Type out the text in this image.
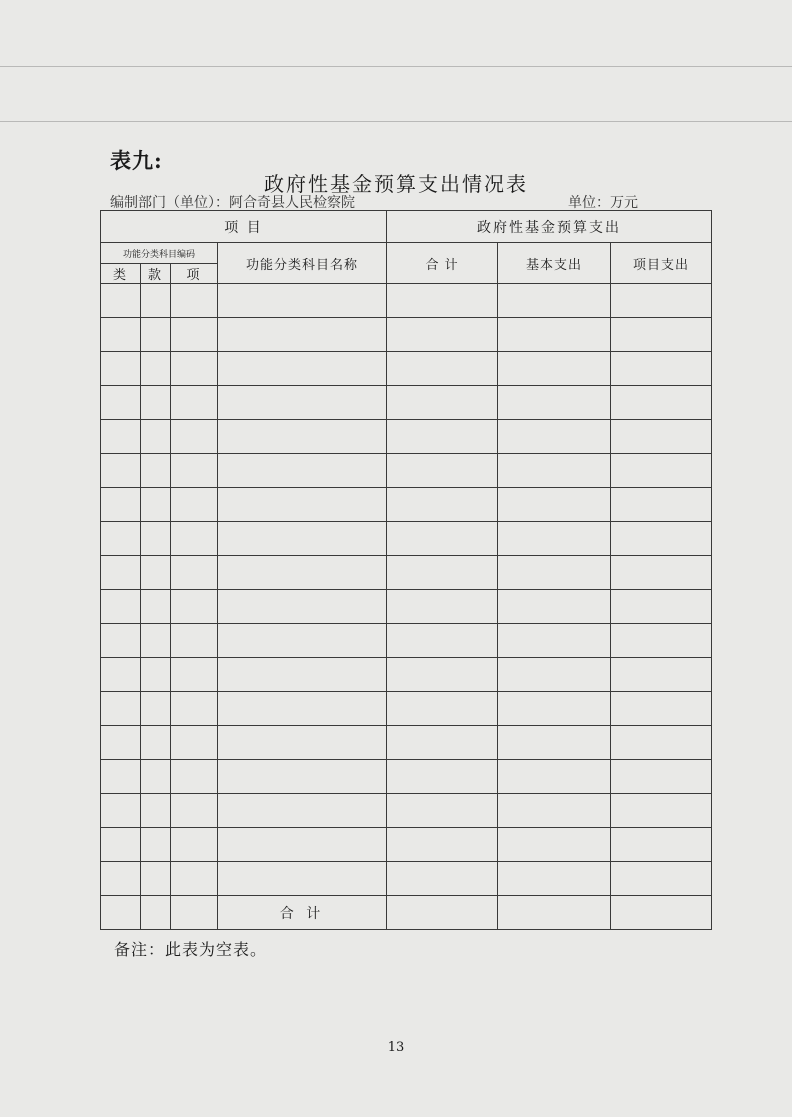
表九:
政府性基金预算支出情况表
编制部门（单位）：阿合奇县人民检察院	单位：万元
项 目				政府性基金预算支出		
功能分类科目编码			功能分类科目名称	合 计	基本支出	项目支出
类	款	项				

			合 计			
备注：此表为空表。
13
